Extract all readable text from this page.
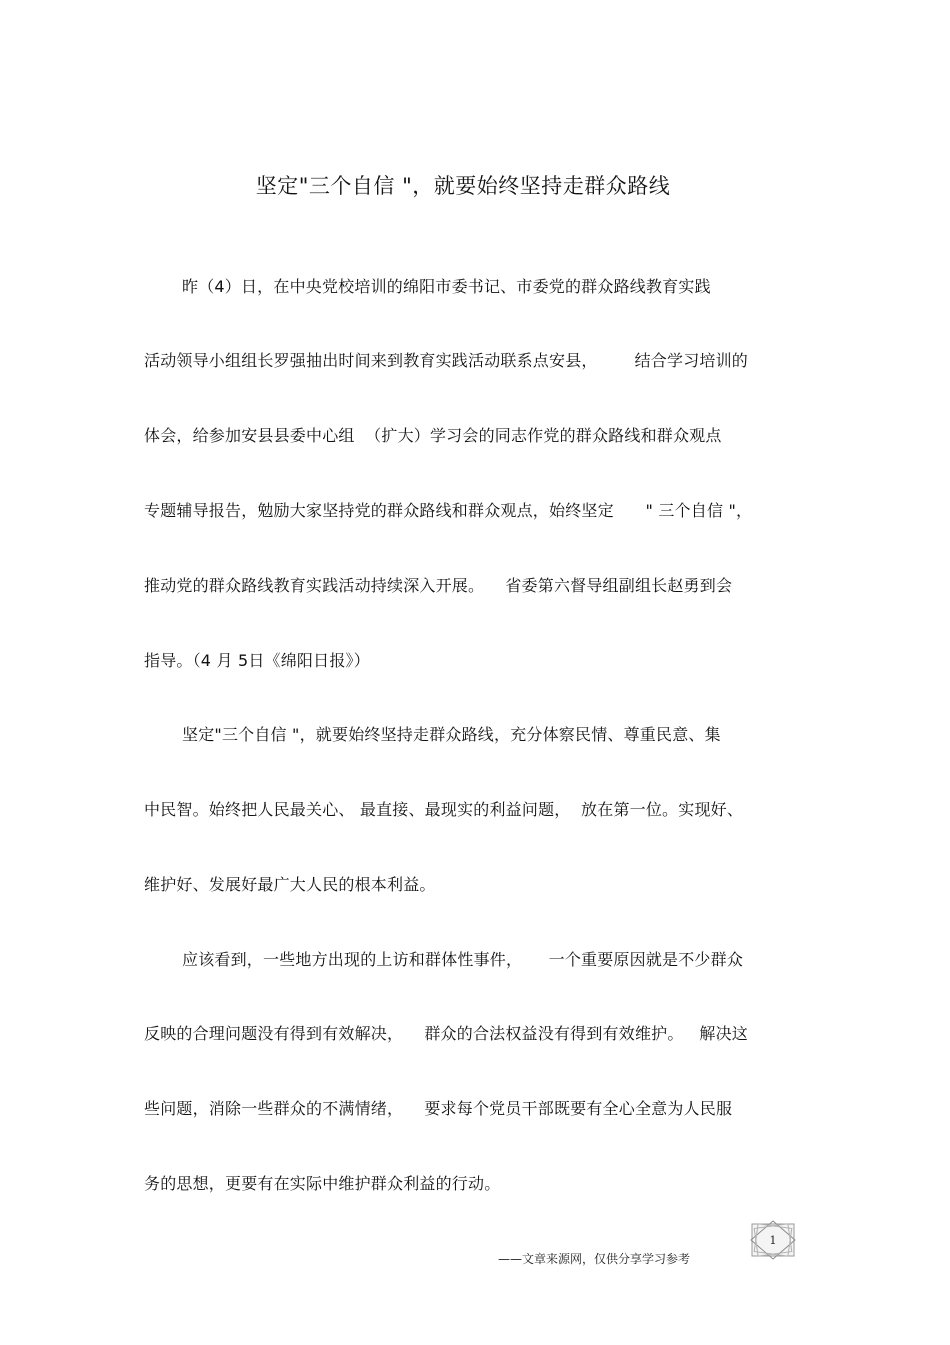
坚定"三个自信 "，就要始终坚持走群众路线
昨（4）日，在中央党校培训的绵阳市委书记、市委党的群众路线教育实践
活动领导小组组长罗强抽出时间来到教育实践活动联系点安县，       结合学习培训的
体会，给参加安县县委中心组  （扩大）学习会的同志作党的群众路线和群众观点
专题辅导报告，勉励大家坚持党的群众路线和群众观点，始终坚定      " 三个自信 "，
推动党的群众路线教育实践活动持续深入开展。    省委第六督导组副组长赵勇到会
指导。（4 月 5日《绵阳日报》）
坚定"三个自信 "，就要始终坚持走群众路线，充分体察民情、尊重民意、集
中民智。始终把人民最关心、 最直接、最现实的利益问题，  放在第一位。实现好、
维护好、发展好最广大人民的根本利益。
应该看到，一些地方出现的上访和群体性事件，     一个重要原因就是不少群众
反映的合理问题没有得到有效解决，    群众的合法权益没有得到有效维护。   解决这
些问题，消除一些群众的不满情绪，    要求每个党员干部既要有全心全意为人民服
务的思想，更要有在实际中维护群众利益的行动。
1
——文章来源网，仅供分享学习参考
